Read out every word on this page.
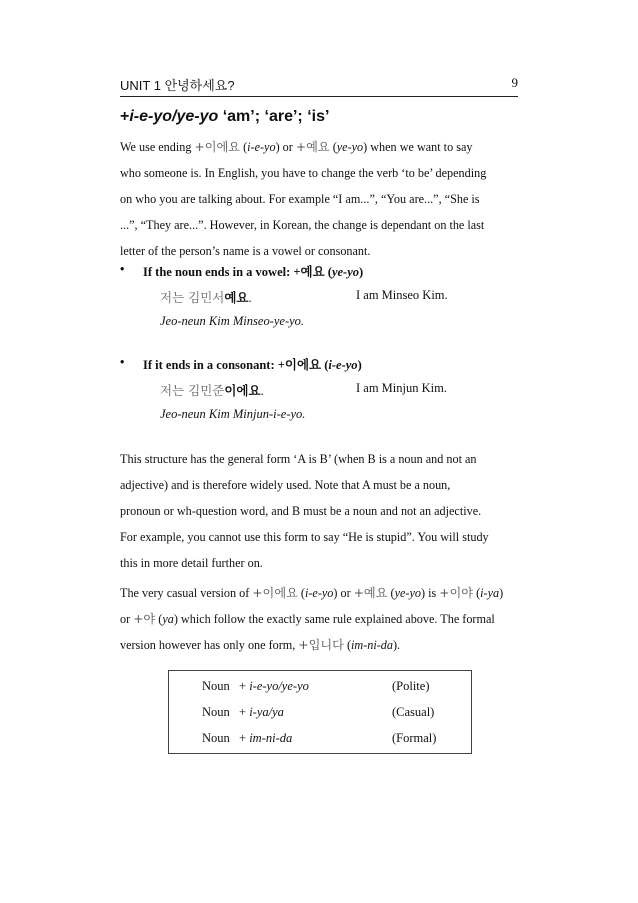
UNIT 1 안녕하세요?	9
+i-e-yo/ye-yo ‘am’; ‘are’; ‘is’

We use ending +이에요 (i-e-yo) or +예요 (ye-yo) when we want to say

who someone is. In English, you have to change the verb ‘to be’ depending

on who you are talking about. For example “I am...”, “You are...”, “She is

...”, “They are...”. However, in Korean, the change is dependant on the last

letter of the person’s name is a vowel or consonant.

•	If the noun ends in a vowel: +예요 (ye-yo)
저는 김민서예요.	I am Minseo Kim.
Jeo-neun Kim Minseo-ye-yo.
•	If it ends in a consonant: +이에요 (i-e-yo)
저는 김민준이에요.	I am Minjun Kim.
Jeo-neun Kim Minjun-i-e-yo.

This structure has the general form ‘A is B’ (when B is a noun and not an

adjective) and is therefore widely used. Note that A must be a noun,

pronoun or wh-question word, and B must be a noun and not an adjective.

For example, you cannot use this form to say “He is stupid”. You will study

this in more detail further on.

The very casual version of +이에요 (i-e-yo) or +예요 (ye-yo) is +이야 (i-ya)

or +야 (ya) which follow the exactly same rule explained above. The formal

version however has only one form, +입니다 (im-ni-da).

Noun + i-e-yo/ye-yo	(Polite)
Noun + i-ya/ya	(Casual)
Noun + im-ni-da	(Formal)
